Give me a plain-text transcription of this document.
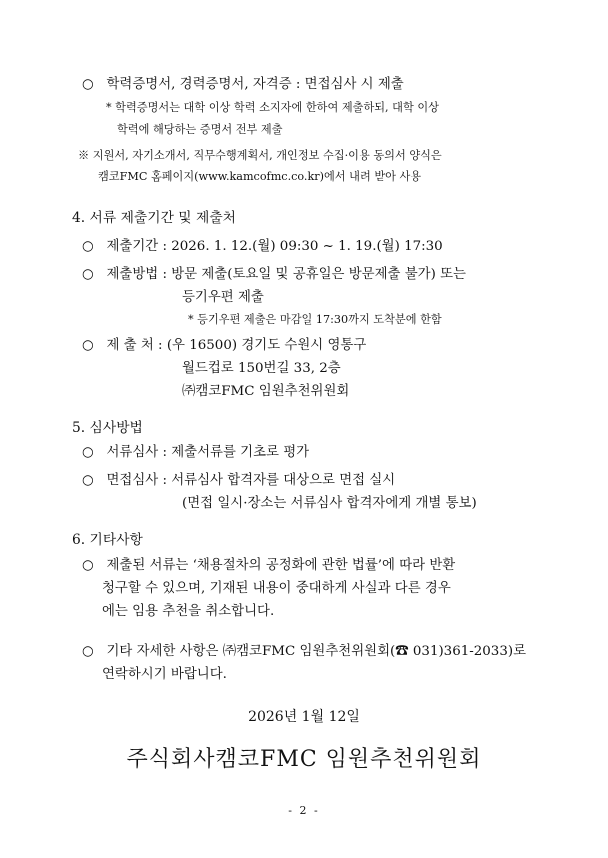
○ 학력증명서, 경력증명서, 자격증 : 면접심사 시 제출
* 학력증명서는 대학 이상 학력 소지자에 한하여 제출하되, 대학 이상
학력에 해당하는 증명서 전부 제출
※ 지원서, 자기소개서, 직무수행계획서, 개인정보 수집·이용 동의서 양식은
캠코FMC 홈페이지(www.kamcofmc.co.kr)에서 내려 받아 사용
4. 서류 제출기간 및 제출처
○ 제출기간 : 2026. 1. 12.(월) 09:30 ~ 1. 19.(월) 17:30
○ 제출방법 : 방문 제출(토요일 및 공휴일은 방문제출 불가) 또는
등기우편 제출
* 등기우편 제출은 마감일 17:30까지 도착분에 한함
○ 제 출 처 : (우 16500) 경기도 수원시 영통구
월드컵로 150번길 33, 2층
㈜캠코FMC 임원추천위원회
5. 심사방법
○ 서류심사 : 제출서류를 기초로 평가
○ 면접심사 : 서류심사 합격자를 대상으로 면접 실시
(면접 일시·장소는 서류심사 합격자에게 개별 통보)
6. 기타사항
○ 제출된 서류는 ‘채용절차의 공정화에 관한 법률’에 따라 반환
청구할 수 있으며, 기재된 내용이 중대하게 사실과 다른 경우
에는 임용 추천을 취소합니다.
○ 기타 자세한 사항은 ㈜캠코FMC 임원추천위원회(☎ 031)361-2033)로
연락하시기 바랍니다.
2026년 1월 12일
주식회사캠코FMC 임원추천위원회
- 2 -
